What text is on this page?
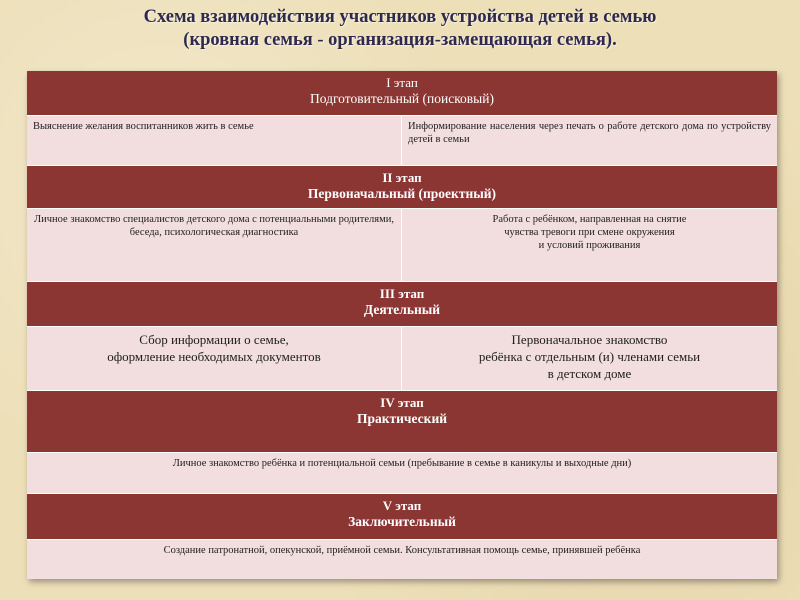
Схема взаимодействия участников устройства детей в семью
(кровная семья - организация-замещающая семья).
I этап
Подготовительный (поисковый)
Выяснение желания воспитанников жить в семье	Информирование населения через печать о работе детского дома по устройству детей в семьи
II этап
Первоначальный (проектный)
Личное знакомство специалистов детского дома с потенциальными родителями, беседа, психологическая диагностика
Работа с ребёнком, направленная на снятие
чувства тревоги при смене окружения
и условий проживания
III этап
Деятельный
Сбор информации о семье,
оформление необходимых документов
Первоначальное знакомство
ребёнка с отдельным (и) членами семьи
в детском доме
IV этап
Практический
Личное знакомство ребёнка и потенциальной семьи (пребывание в семье в каникулы и выходные дни)
V этап
Заключительный
Создание патронатной, опекунской, приёмной семьи. Консультативная помощь семье, принявшей ребёнка
